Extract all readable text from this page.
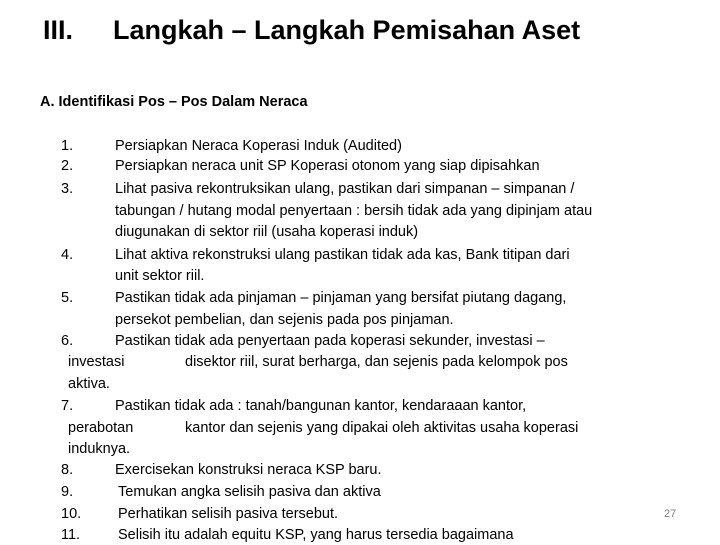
III. Langkah – Langkah Pemisahan Aset
A. Identifikasi Pos – Pos Dalam Neraca
1.	Persiapkan Neraca Koperasi Induk (Audited)
2.	Persiapkan neraca unit SP Koperasi otonom yang siap dipisahkan
3.	Lihat pasiva rekontruksikan ulang, pastikan dari simpanan – simpanan /
tabungan / hutang modal penyertaan : bersih tidak ada yang dipinjam atau
diugunakan di sektor riil (usaha koperasi induk)
4.	Lihat aktiva rekonstruksi ulang pastikan tidak ada kas, Bank titipan dari
unit sektor riil.
5.	Pastikan tidak ada pinjaman – pinjaman yang bersifat piutang dagang,
persekot pembelian, dan sejenis pada pos pinjaman.
6.	Pastikan tidak ada penyertaan pada koperasi sekunder, investasi –
investasi	disektor riil, surat berharga, dan sejenis pada kelompok pos
aktiva.
7.	Pastikan tidak ada : tanah/bangunan kantor, kendaraaan kantor,
perabotan	kantor dan sejenis yang dipakai oleh aktivitas usaha koperasi
induknya.
8.	Exercisekan konstruksi neraca KSP baru.
9.	Temukan angka selisih pasiva dan aktiva
10.	Perhatikan selisih pasiva tersebut.
11.	Selisih itu adalah equitu KSP, yang harus tersedia bagaimana
27
